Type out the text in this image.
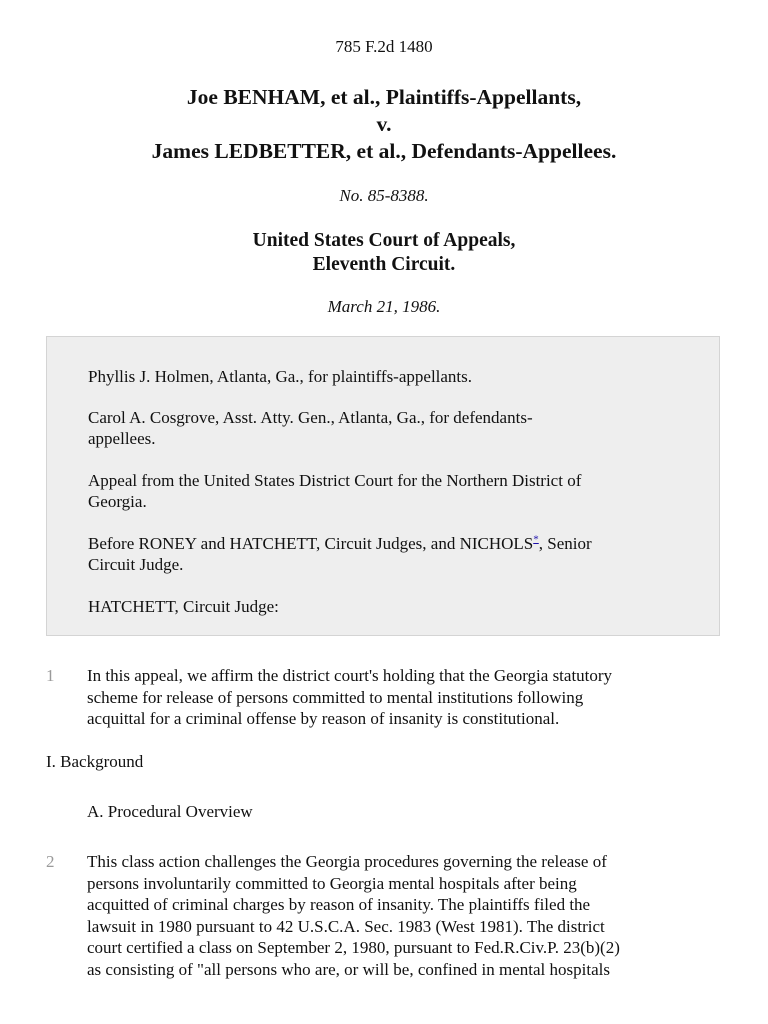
785 F.2d 1480
Joe BENHAM, et al., Plaintiffs-Appellants,
v.
James LEDBETTER, et al., Defendants-Appellees.
No. 85-8388.
United States Court of Appeals,
Eleventh Circuit.
March 21, 1986.

Phyllis J. Holmen, Atlanta, Ga., for plaintiffs-appellants.

Carol A. Cosgrove, Asst. Atty. Gen., Atlanta, Ga., for defendants-
appellees.

Appeal from the United States District Court for the Northern District of
Georgia.

Before RONEY and HATCHETT, Circuit Judges, and NICHOLS*, Senior
Circuit Judge.

HATCHETT, Circuit Judge:

1 In this appeal, we affirm the district court's holding that the Georgia statutory
scheme for release of persons committed to mental institutions following
acquittal for a criminal offense by reason of insanity is constitutional.
I. Background
A. Procedural Overview
2 This class action challenges the Georgia procedures governing the release of
persons involuntarily committed to Georgia mental hospitals after being
acquitted of criminal charges by reason of insanity. The plaintiffs filed the
lawsuit in 1980 pursuant to 42 U.S.C.A. Sec. 1983 (West 1981). The district
court certified a class on September 2, 1980, pursuant to Fed.R.Civ.P. 23(b)(2)
as consisting of "all persons who are, or will be, confined in mental hospitals
